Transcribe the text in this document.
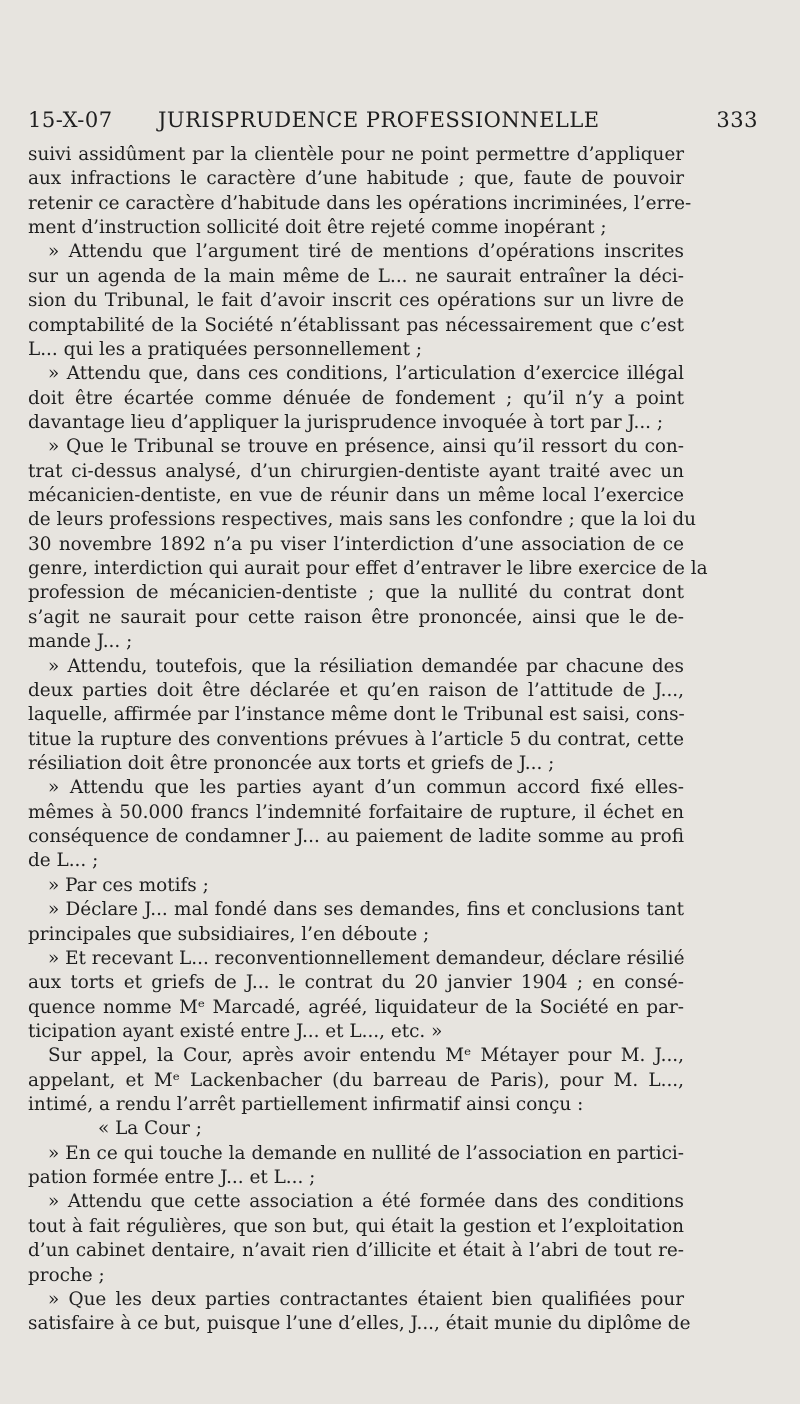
15-X-07 JURISPRUDENCE PROFESSIONNELLE	333
suivi assidûment par la clientèle pour ne point permettre d’appliquer
aux infractions le caractère d’une habitude ; que, faute de pouvoir
retenir ce caractère d’habitude dans les opérations incriminées, l’erre-
ment d’instruction sollicité doit être rejeté comme inopérant ;
» Attendu que l’argument tiré de mentions d’opérations inscrites
sur un agenda de la main même de L... ne saurait entraîner la déci-
sion du Tribunal, le fait d’avoir inscrit ces opérations sur un livre de
comptabilité de la Société n’établissant pas nécessairement que c’est
L... qui les a pratiquées personnellement ;
» Attendu que, dans ces conditions, l’articulation d’exercice illégal
doit être écartée comme dénuée de fondement ; qu’il n’y a point
davantage lieu d’appliquer la jurisprudence invoquée à tort par J... ;
» Que le Tribunal se trouve en présence, ainsi qu’il ressort du con-
trat ci-dessus analysé, d’un chirurgien-dentiste ayant traité avec un
mécanicien-dentiste, en vue de réunir dans un même local l’exercice
de leurs professions respectives, mais sans les confondre ; que la loi du
30 novembre 1892 n’a pu viser l’interdiction d’une association de ce
genre, interdiction qui aurait pour effet d’entraver le libre exercice de la
profession de mécanicien-dentiste ; que la nullité du contrat dont
s’agit ne saurait pour cette raison être prononcée, ainsi que le de-
mande J... ;
» Attendu, toutefois, que la résiliation demandée par chacune des
deux parties doit être déclarée et qu’en raison de l’attitude de J...,
laquelle, affirmée par l’instance même dont le Tribunal est saisi, cons-
titue la rupture des conventions prévues à l’article 5 du contrat, cette
résiliation doit être prononcée aux torts et griefs de J... ;
» Attendu que les parties ayant d’un commun accord fixé elles-
mêmes à 50.000 francs l’indemnité forfaitaire de rupture, il échet en
conséquence de condamner J... au paiement de ladite somme au profi
de L... ;
» Par ces motifs ;
» Déclare J... mal fondé dans ses demandes, fins et conclusions tant
principales que subsidiaires, l’en déboute ;
» Et recevant L... reconventionnellement demandeur, déclare résilié
aux torts et griefs de J... le contrat du 20 janvier 1904 ; en consé-
quence nomme Mᵉ Marcadé, agréé, liquidateur de la Société en par-
ticipation ayant existé entre J... et L..., etc. »
Sur appel, la Cour, après avoir entendu Mᵉ Métayer pour M. J...,
appelant, et Mᵉ Lackenbacher (du barreau de Paris), pour M. L...,
intimé, a rendu l’arrêt partiellement infirmatif ainsi conçu :
« La Cour ;
» En ce qui touche la demande en nullité de l’association en partici-
pation formée entre J... et L... ;
» Attendu que cette association a été formée dans des conditions
tout à fait régulières, que son but, qui était la gestion et l’exploitation
d’un cabinet dentaire, n’avait rien d’illicite et était à l’abri de tout re-
proche ;
» Que les deux parties contractantes étaient bien qualifiées pour
satisfaire à ce but, puisque l’une d’elles, J..., était munie du diplôme de
